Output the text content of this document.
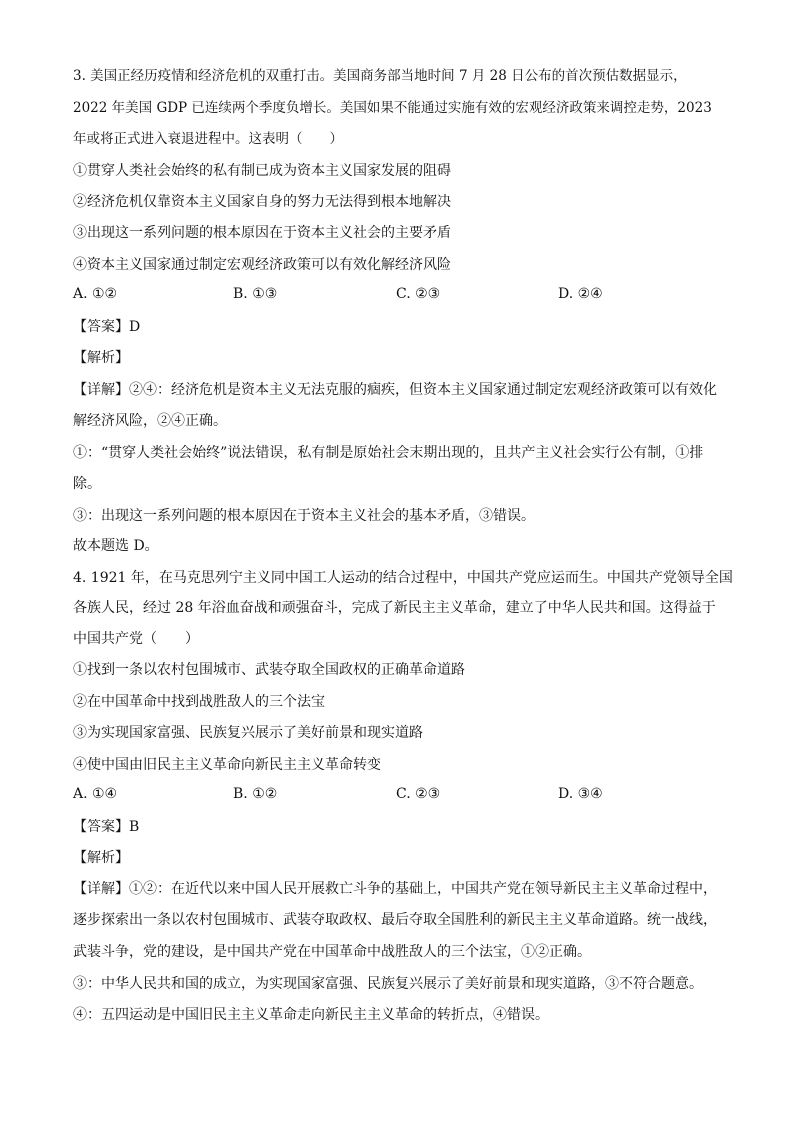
3. 美国正经历疫情和经济危机的双重打击。美国商务部当地时间 7 月 28 日公布的首次预估数据显示，
2022 年美国 GDP 已连续两个季度负增长。美国如果不能通过实施有效的宏观经济政策来调控走势，2023
年或将正式进入衰退进程中。这表明（　　）
①贯穿人类社会始终的私有制已成为资本主义国家发展的阻碍
②经济危机仅靠资本主义国家自身的努力无法得到根本地解决
③出现这一系列问题的根本原因在于资本主义社会的主要矛盾
④资本主义国家通过制定宏观经济政策可以有效化解经济风险
A. ①②	B. ①③	C. ②③	D. ②④
【答案】D
【解析】
【详解】②④：经济危机是资本主义无法克服的痼疾，但资本主义国家通过制定宏观经济政策可以有效化
解经济风险，②④正确。
①：“贯穿人类社会始终”说法错误，私有制是原始社会末期出现的，且共产主义社会实行公有制，①排
除。
③：出现这一系列问题的根本原因在于资本主义社会的基本矛盾，③错误。
故本题选 D。
4. 1921 年，在马克思列宁主义同中国工人运动的结合过程中，中国共产党应运而生。中国共产党领导全国
各族人民，经过 28 年浴血奋战和顽强奋斗，完成了新民主主义革命，建立了中华人民共和国。这得益于
中国共产党（　　）
①找到一条以农村包围城市、武装夺取全国政权的正确革命道路
②在中国革命中找到战胜敌人的三个法宝
③为实现国家富强、民族复兴展示了美好前景和现实道路
④使中国由旧民主主义革命向新民主主义革命转变
A. ①④	B. ①②	C. ②③	D. ③④
【答案】B
【解析】
【详解】①②：在近代以来中国人民开展救亡斗争的基础上，中国共产党在领导新民主主义革命过程中，
逐步探索出一条以农村包围城市、武装夺取政权、最后夺取全国胜利的新民主主义革命道路。统一战线，
武装斗争，党的建设，是中国共产党在中国革命中战胜敌人的三个法宝，①②正确。
③：中华人民共和国的成立，为实现国家富强、民族复兴展示了美好前景和现实道路，③不符合题意。
④：五四运动是中国旧民主主义革命走向新民主主义革命的转折点，④错误。
